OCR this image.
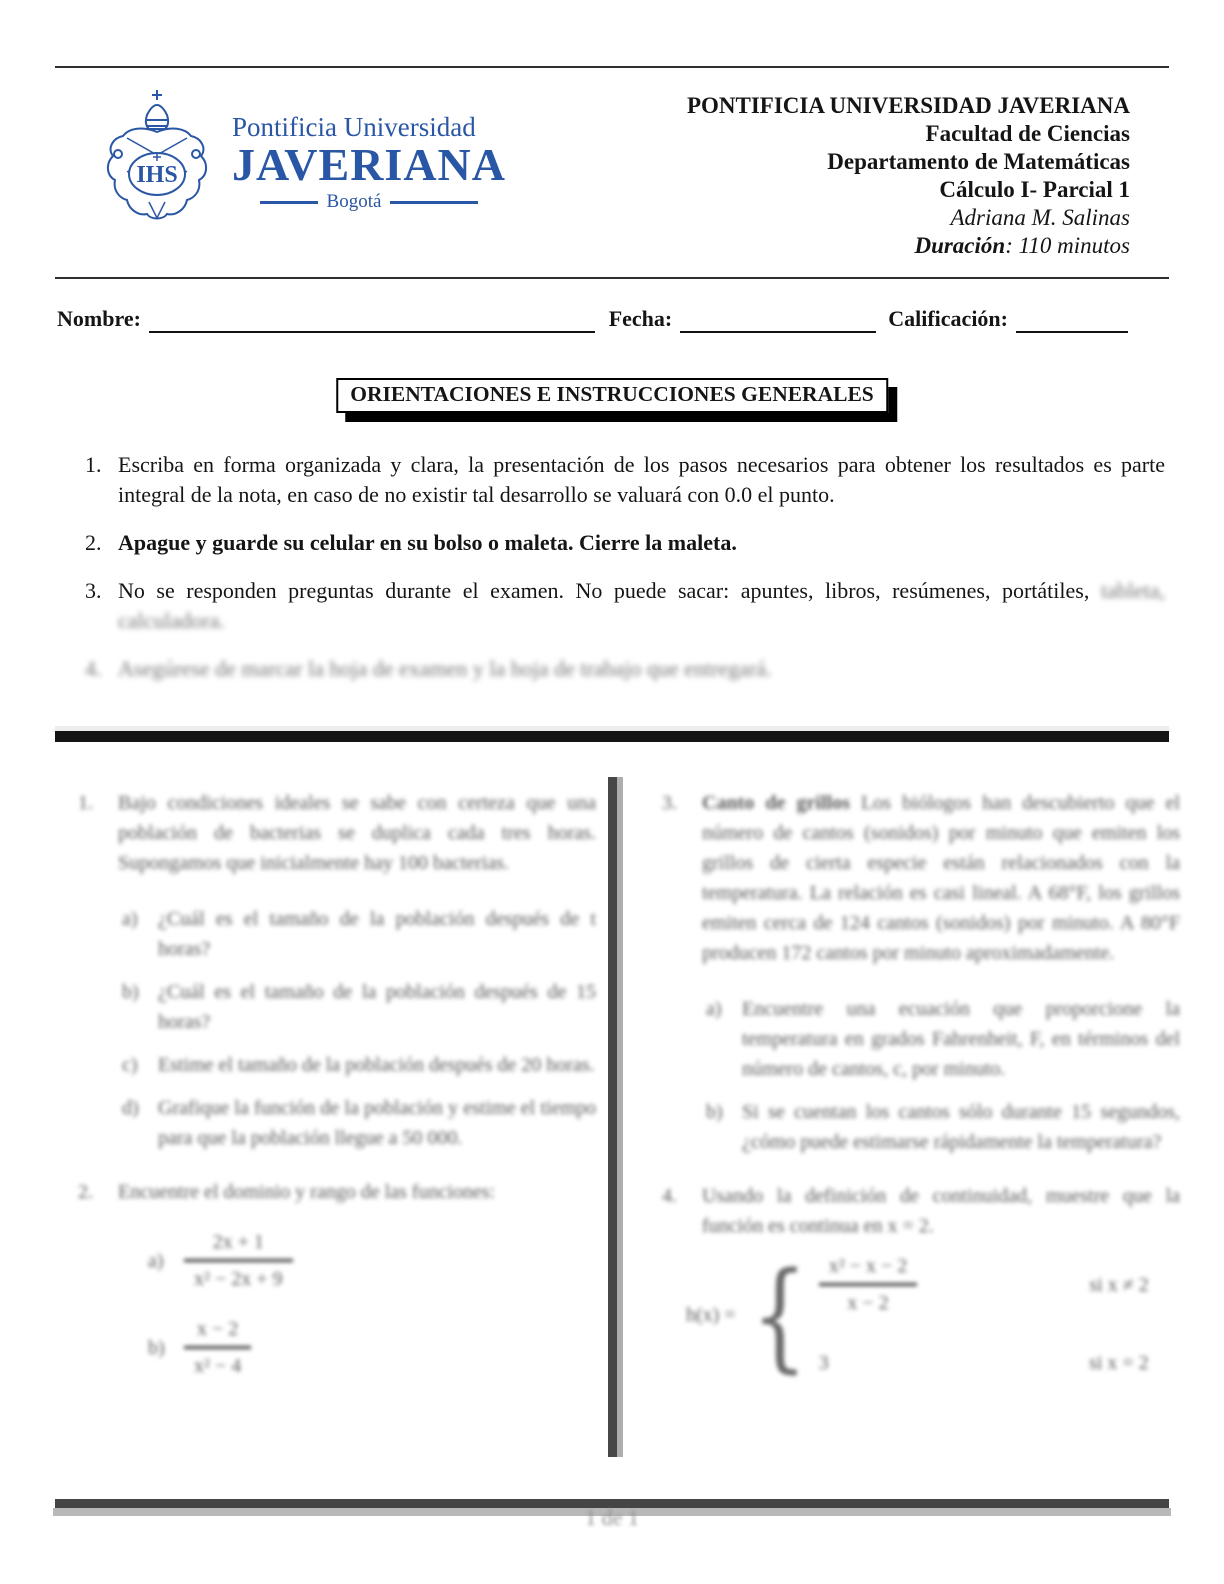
IHS
Pontificia Universidad
JAVERIANA
Bogotá
PONTIFICIA UNIVERSIDAD JAVERIANA
Facultad de Ciencias
Departamento de Matemáticas
Cálculo I- Parcial 1
Adriana M. Salinas
Duración: 110 minutos
Nombre:	Fecha:	Calificación:
ORIENTACIONES E INSTRUCCIONES GENERALES
1. Escriba en forma organizada y clara, la presentación de los pasos necesarios para obtener los resultados es parte integral de la nota, en caso de no existir tal desarrollo se valuará con 0.0 el punto.
2. Apague y guarde su celular en su bolso o maleta. Cierre la maleta.
3. No se responden preguntas durante el examen. No puede sacar: apuntes, libros, resúmenes, portátiles, tableta, calculadora.
4. Asegúrese de marcar la hoja de examen y la hoja de trabajo que entregará.
1.	Bajo condiciones ideales se sabe con certeza que una población de bacterias se duplica cada tres horas. Supongamos que inicialmente hay 100 bacterias.
a)	¿Cuál es el tamaño de la población después de t horas?
b) ¿Cuál es el tamaño de la población después de 15 horas?
c)	Estime el tamaño de la población después de 20 horas.
d) Grafique la función de la población y estime el tiempo para que la población llegue a 50 000.
2.	Encuentre el dominio y rango de las funciones:
a)	$\frac{2x + 1}{\text{x² − 2x + 9}}$
$b) \frac{x - 2}{\text{x² − 4}}$
3.	Canto de grillos Los biólogos han descubierto que el número de cantos (sonidos) por minuto que emiten los grillos de cierta especie están relacionados con la temperatura. La relación es casi lineal. A 68°F, los grillos emiten cerca de 124 cantos (sonidos) por minuto. A 80°F producen 172 cantos por minuto aproximadamente.
a)	Encuentre una ecuación que proporcione la temperatura en grados Fahrenheit, F, en términos del número de cantos, c, por minuto.
b) Si se cuentan los cantos sólo durante 15 segundos, ¿cómo puede estimarse rápidamente la temperatura?
4.	Usando la definición de continuidad, muestre que la función es continua en x = 2.
h(x) = {	$\frac{\text{x² − x − 2}}{x - 2}$	si x ≠ 2
3	si x = 2
1 de 1
